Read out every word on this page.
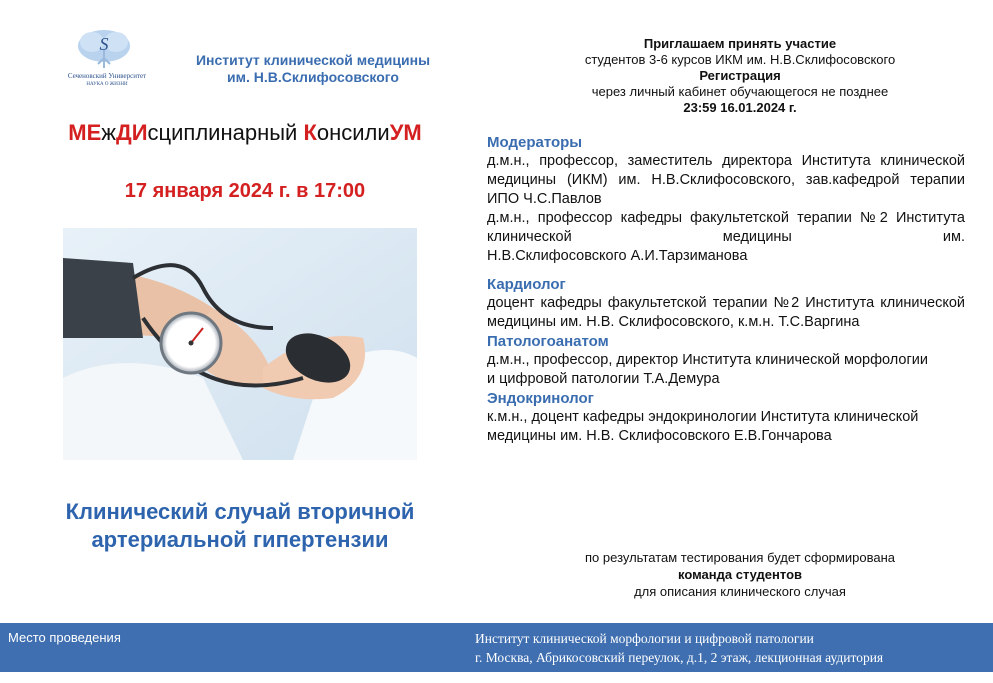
S
Сеченовский Университет
НАУКА О ЖИЗНИ
Институт клинической медицины
им. Н.В.Склифосовского
МЕжДИсциплинарный КонсилиУМ
17 января 2024 г. в 17:00
Клинический случай вторичной
артериальной гипертензии
Приглашаем принять участие
студентов 3-6 курсов ИКМ им. Н.В.Склифосовского
Регистрация
через личный кабинет обучающегося не позднее
23:59 16.01.2024 г.
Модераторы
д.м.н., профессор, заместитель директора Института клинической медицины (ИКМ) им. Н.В.Склифосовского, зав.кафедрой терапии ИПО Ч.С.Павлов
д.м.н., профессор кафедры факультетской терапии №2 Института клинической медицины им.
Н.В.Склифосовского А.И.Тарзиманова
Кардиолог
доцент кафедры факультетской терапии №2 Института клинической медицины им. Н.В. Склифосовского, к.м.н. Т.С.Варгина
Патологоанатом
д.м.н., профессор, директор Института клинической морфологии и цифровой патологии Т.А.Демура
Эндокринолог
к.м.н., доцент кафедры эндокринологии Института клинической медицины им. Н.В. Склифосовского Е.В.Гончарова
по результатам тестирования будет сформирована
команда студентов
для описания клинического случая
Место проведения	Институт клинической морфологии и цифровой патологии
г. Москва, Абрикосовский переулок, д.1, 2 этаж, лекционная аудитория
